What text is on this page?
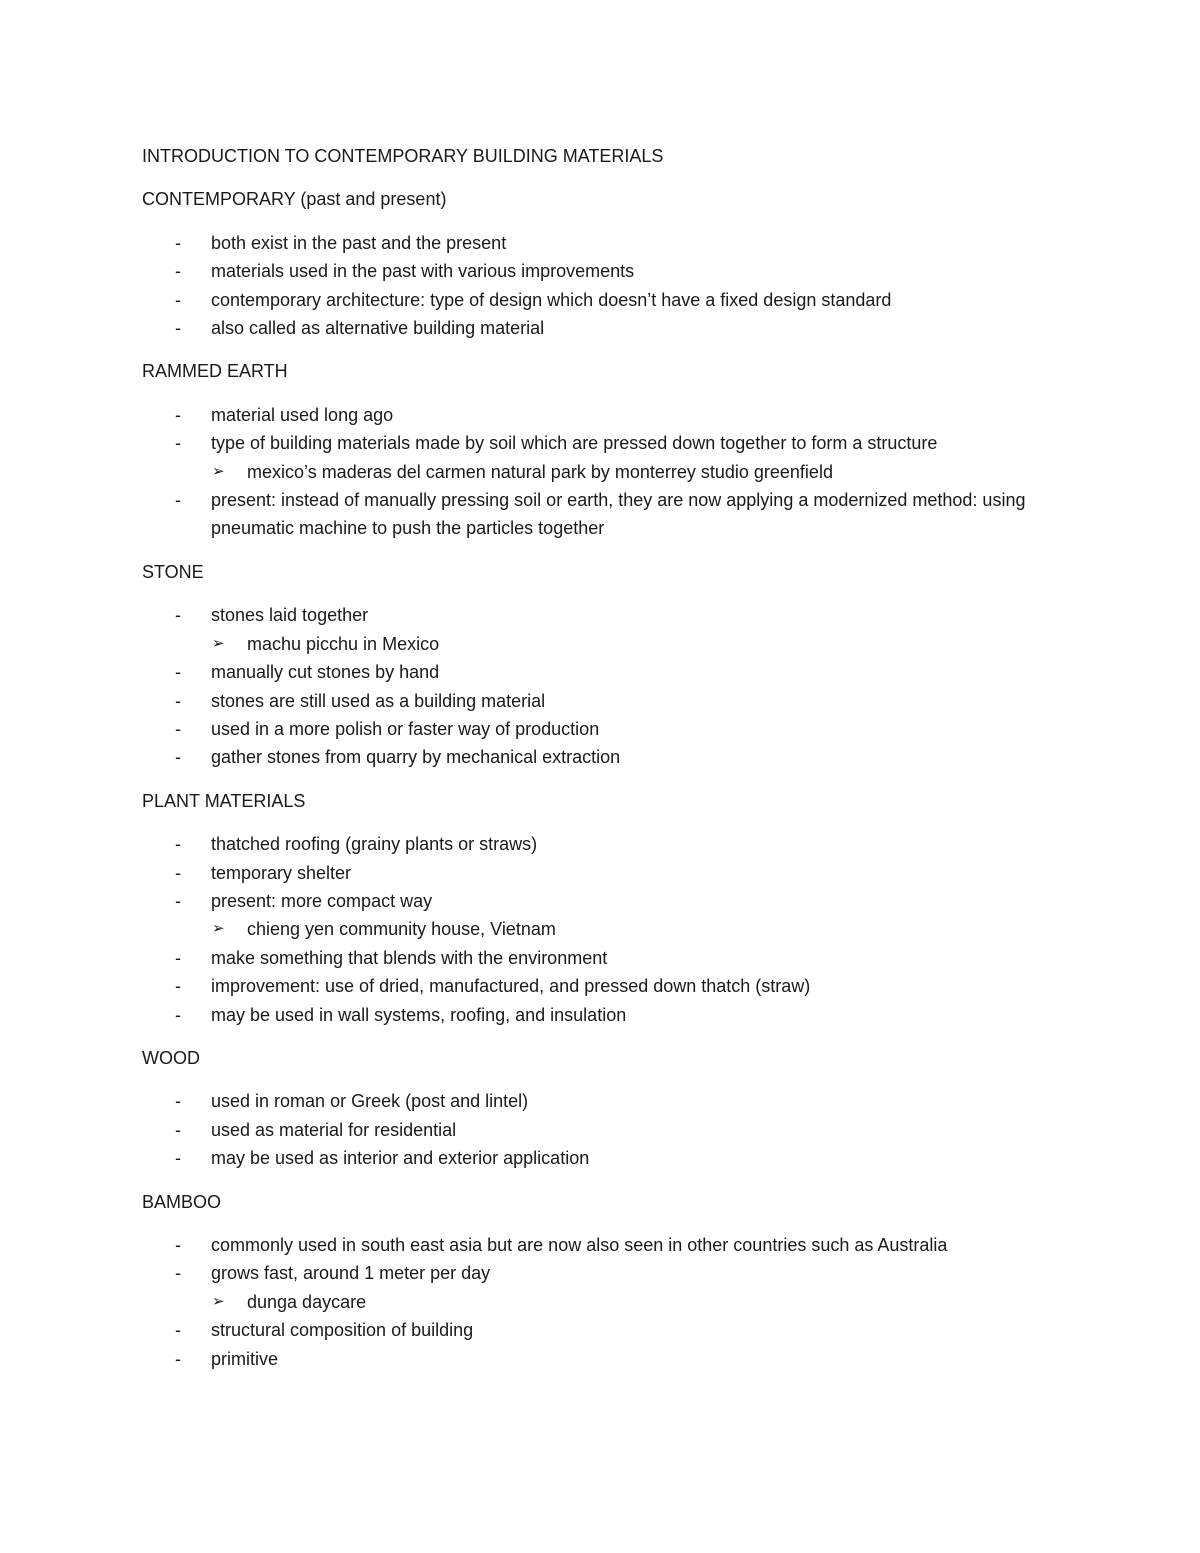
INTRODUCTION TO CONTEMPORARY BUILDING MATERIALS

CONTEMPORARY (past and present)

- both exist in the past and the present
- materials used in the past with various improvements
- contemporary architecture: type of design which doesn’t have a fixed design standard
- also called as alternative building material

RAMMED EARTH

- material used long ago
- type of building materials made by soil which are pressed down together to form a structure
➢ mexico’s maderas del carmen natural park by monterrey studio greenfield
- present: instead of manually pressing soil or earth, they are now applying a modernized method: using pneumatic machine to push the particles together

STONE

- stones laid together
➢ machu picchu in Mexico
- manually cut stones by hand
- stones are still used as a building material
- used in a more polish or faster way of production
- gather stones from quarry by mechanical extraction

PLANT MATERIALS

- thatched roofing (grainy plants or straws)
- temporary shelter
- present: more compact way
➢ chieng yen community house, Vietnam
- make something that blends with the environment
- improvement: use of dried, manufactured, and pressed down thatch (straw)
- may be used in wall systems, roofing, and insulation

WOOD

- used in roman or Greek (post and lintel)
- used as material for residential
- may be used as interior and exterior application

BAMBOO

- commonly used in south east asia but are now also seen in other countries such as Australia
- grows fast, around 1 meter per day
➢ dunga daycare
- structural composition of building
- primitive
